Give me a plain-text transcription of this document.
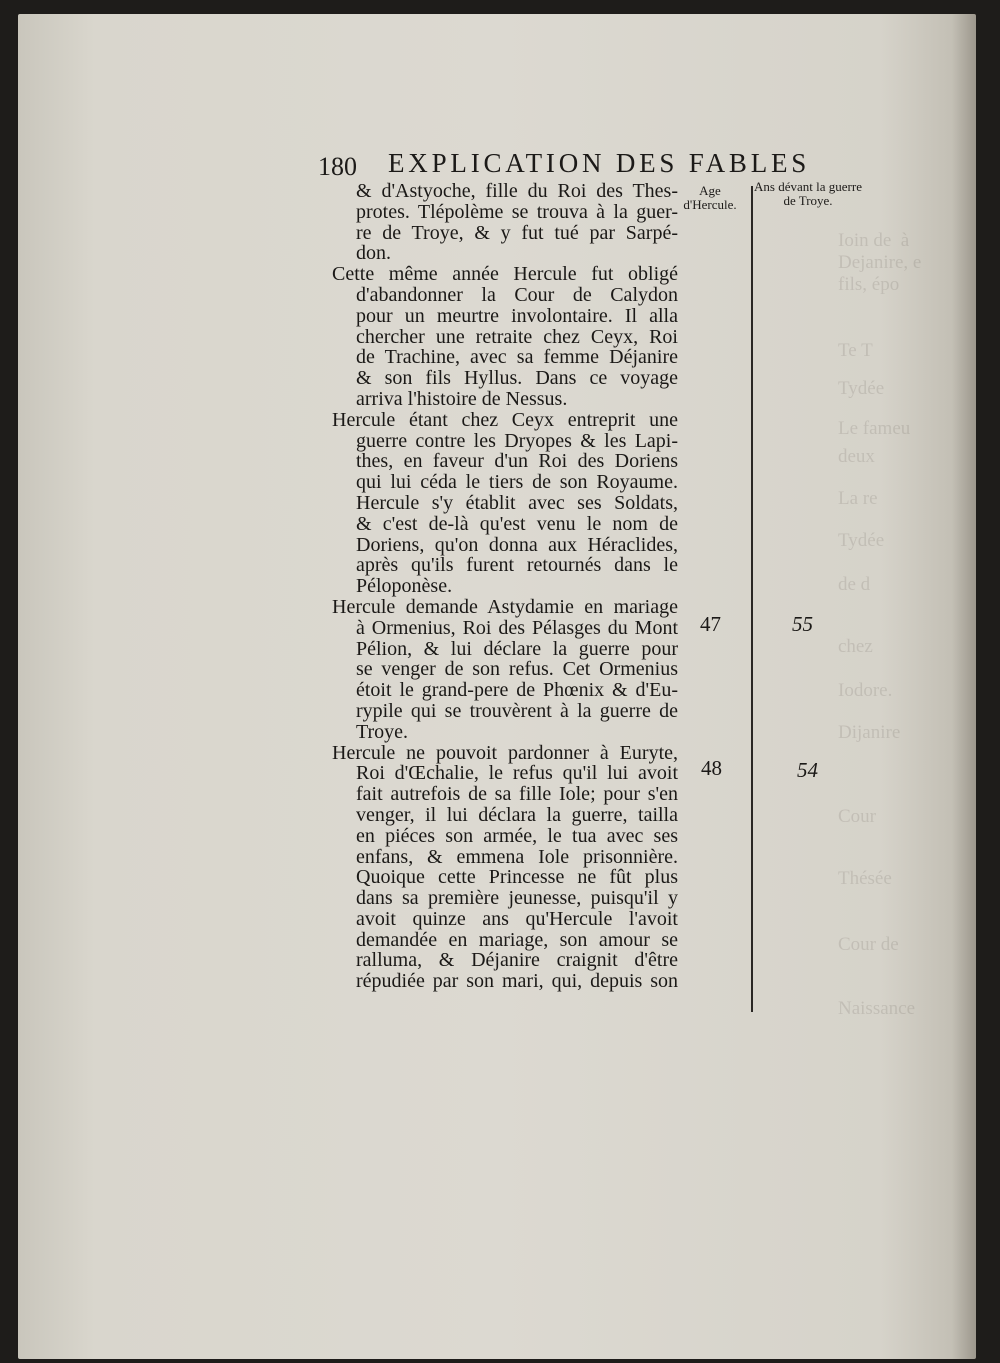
180	EXPLICATION DES FABLES
Age d'Hercule.
Ans dévant la guerre de Troye.
& d'Astyoche, fille du Roi des Thes-
protes. Tlépolème se trouva à la guer-
re de Troye, & y fut tué par Sarpé-
don.
Cette même année Hercule fut obligé
d'abandonner la Cour de Calydon
pour un meurtre involontaire. Il alla
chercher une retraite chez Ceyx, Roi
de Trachine, avec sa femme Déjanire
& son fils Hyllus. Dans ce voyage
arriva l'histoire de Nessus.
Hercule étant chez Ceyx entreprit une
guerre contre les Dryopes & les Lapi-
thes, en faveur d'un Roi des Doriens
qui lui céda le tiers de son Royaume.
Hercule s'y établit avec ses Soldats,
& c'est de-là qu'est venu le nom de
Doriens, qu'on donna aux Héraclides,
après qu'ils furent retournés dans le
Péloponèse.
Hercule demande Astydamie en mariage
à Ormenius, Roi des Pélasges du Mont
Pélion, & lui déclare la guerre pour
se venger de son refus. Cet Ormenius
étoit le grand-pere de Phœnix & d'Eu-
rypile qui se trouvèrent à la guerre de
Troye.
Hercule ne pouvoit pardonner à Euryte,
Roi d'Œchalie, le refus qu'il lui avoit
fait autrefois de sa fille Iole; pour s'en
venger, il lui déclara la guerre, tailla
en piéces son armée, le tua avec ses
enfans, & emmena Iole prisonnière.
Quoique cette Princesse ne fût plus
dans sa première jeunesse, puisqu'il y
avoit quinze ans qu'Hercule l'avoit
demandée en mariage, son amour se
ralluma, & Déjanire craignit d'être
répudiée par son mari, qui, depuis son
47	55
48	54
